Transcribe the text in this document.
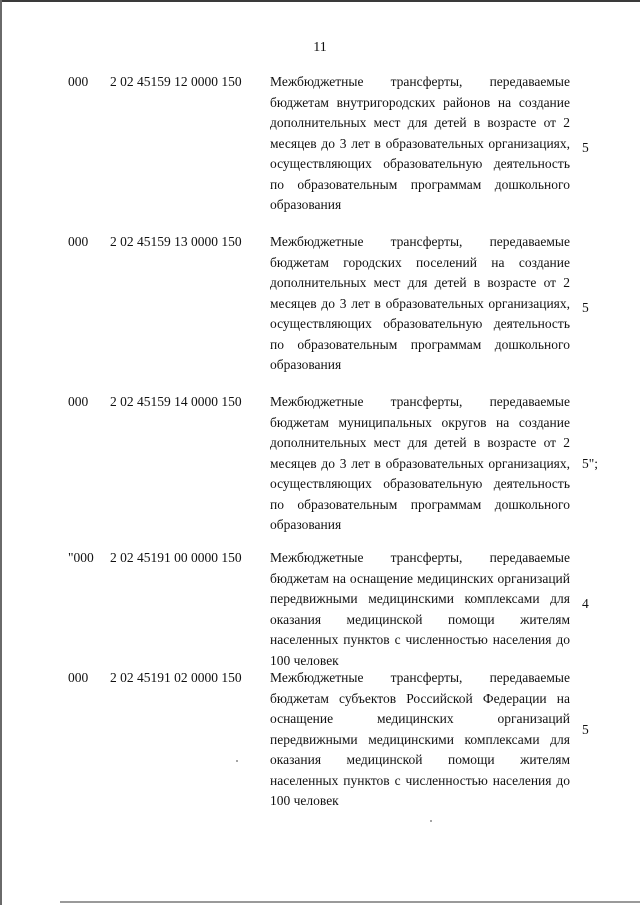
11
000 2 02 45159 12 0000 150 Межбюджетные трансферты, передаваемые бюджетам внутригородских районов на создание дополнительных мест для детей в возрасте от 2 месяцев до 3 лет в образовательных организациях, осуществляющих образовательную деятельность по образовательным программам дошкольного образования
5
000 2 02 45159 13 0000 150 Межбюджетные трансферты, передаваемые бюджетам городских поселений на создание дополнительных мест для детей в возрасте от 2 месяцев до 3 лет в образовательных организациях, осуществляющих образовательную деятельность по образовательным программам дошкольного образования
5
000 2 02 45159 14 0000 150 Межбюджетные трансферты, передаваемые бюджетам муниципальных округов на создание дополнительных мест для детей в возрасте от 2 месяцев до 3 лет в образовательных организациях, осуществляющих образовательную деятельность по образовательным программам дошкольного образования
5";
"000 2 02 45191 00 0000 150 Межбюджетные трансферты, передаваемые бюджетам на оснащение медицинских организаций передвижными медицинскими комплексами для оказания медицинской помощи жителям населенных пунктов с численностью населения до 100 человек
4
000 2 02 45191 02 0000 150 Межбюджетные трансферты, передаваемые бюджетам субъектов Российской Федерации на оснащение медицинских организаций передвижными медицинскими комплексами для оказания медицинской помощи жителям населенных пунктов с численностью населения до 100 человек
5
